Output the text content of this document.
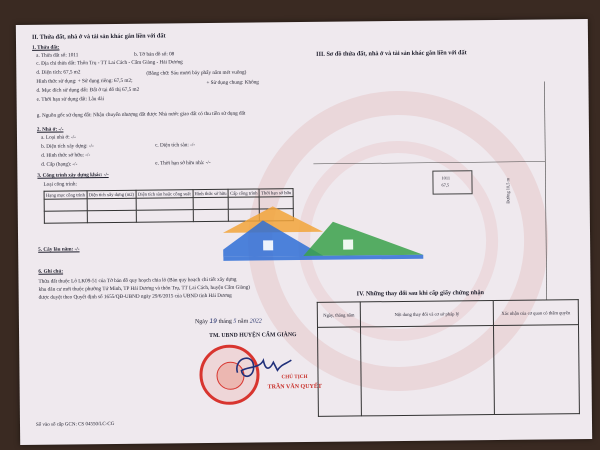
II. Thửa đất, nhà ở và tài sản khác gắn liền với đất
1. Thửa đất:
a. Thửa đất số: 1011	b. Tờ bản đồ số: 08
c. Địa chỉ thửa đất: Thôn Trụ - TT Lai Cách - Cẩm Giàng - Hải Dương
d. Diện tích: 67,5 m2	(Bằng chữ: Sáu mươi bảy phẩy năm mét vuông)
Hình thức sử dụng: + Sử dụng riêng: 67,5 m2;	+ Sử dụng chung: Không
d. Mục đích sử dụng đất: Đất ở tại đô thị 67,5 m2
e. Thời hạn sử dụng đất: Lâu dài
g. Nguồn gốc sử dụng đất: Nhận chuyển nhượng đất được Nhà nước giao đất có thu tiền sử dụng đất
2. Nhà ở: -/-
a. Loại nhà ở: -/-
b. Diện tích xây dựng: -/-	c. Diện tích sàn: -/-
d. Hình thức sở hữu: -/-
đ. Cấp (hạng): -/-	e. Thời hạn sở hữu nhà: -/-
3. Công trình xây dựng khác: -/-
Loại công trình:
Hạng mục công trình	Diện tích xây dựng (m2)	Diện tích sàn hoặc công suất	Hình thức sở hữu	Cấp công trình	Thời hạn sở hữu

5. Cây lâu năm: -/-
6. Ghi chú:
Thửa đất thuộc Lô LK09-51 của Tờ bản đồ quy hoạch chia lô (Bản quy hoạch chi tiết xây dựng
khu dân cư mới thuộc phường Tứ Minh, TP Hải Dương và thôn Trụ, TT Lai Cách, huyện Cẩm Giàng)
được duyệt theo Quyết định số 1655/QĐ-UBND ngày 29/6/2015 của UBND tỉnh Hải Dương
Ngày 19 tháng 5 năm 2022
TM. UBND HUYỆN CẨM GIÀNG
CHỦ TỊCH
TRẦN VĂN QUYẾT
Số vào sổ cấp GCN: CS 04550/LC-CG
III. Sơ đồ thửa đất, nhà ở và tài sản khác gắn liền với đất
1011
67,5	Đường 10,5 m
IV. Những thay đổi sau khi cấp giấy chứng nhận
Ngày, tháng năm	Nội dung thay đổi và cơ sở pháp lý	Xác nhận của cơ quan có thẩm quyền
